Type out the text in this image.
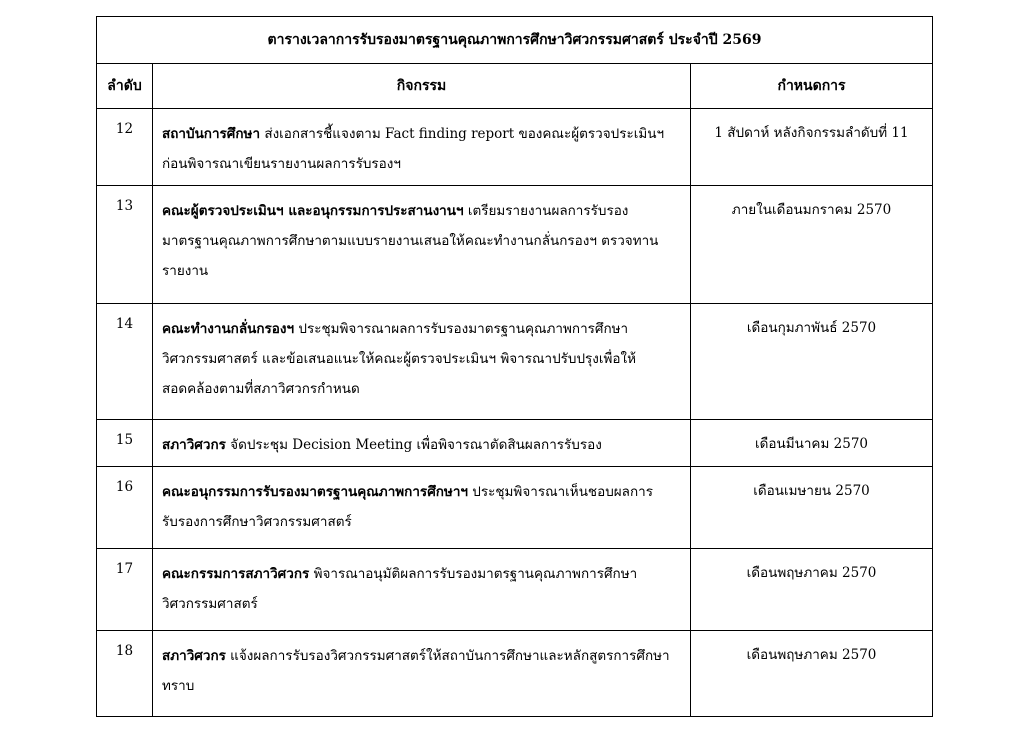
ตารางเวลาการรับรองมาตรฐานคุณภาพการศึกษาวิศวกรรมศาสตร์ ประจำปี 2569		
ลำดับ	กิจกรรม	กำหนดการ
12	สถาบันการศึกษา ส่งเอกสารชี้แจงตาม Fact finding report ของคณะผู้ตรวจประเมินฯ ก่อนพิจารณาเขียนรายงานผลการรับรองฯ	1 สัปดาห์ หลังกิจกรรมลำดับที่ 11
13	คณะผู้ตรวจประเมินฯ และอนุกรรมการประสานงานฯ เตรียมรายงานผลการรับรองมาตรฐานคุณภาพการศึกษาตามแบบรายงานเสนอให้คณะทำงานกลั่นกรองฯ ตรวจทานรายงาน	ภายในเดือนมกราคม 2570
14	คณะทำงานกลั่นกรองฯ ประชุมพิจารณาผลการรับรองมาตรฐานคุณภาพการศึกษาวิศวกรรมศาสตร์ และข้อเสนอแนะให้คณะผู้ตรวจประเมินฯ พิจารณาปรับปรุงเพื่อให้สอดคล้องตามที่สภาวิศวกรกำหนด	เดือนกุมภาพันธ์ 2570
15	สภาวิศวกร จัดประชุม Decision Meeting เพื่อพิจารณาตัดสินผลการรับรอง	เดือนมีนาคม 2570
16	คณะอนุกรรมการรับรองมาตรฐานคุณภาพการศึกษาฯ ประชุมพิจารณาเห็นชอบผลการรับรองการศึกษาวิศวกรรมศาสตร์	เดือนเมษายน 2570
17	คณะกรรมการสภาวิศวกร พิจารณาอนุมัติผลการรับรองมาตรฐานคุณภาพการศึกษาวิศวกรรมศาสตร์	เดือนพฤษภาคม 2570
18	สภาวิศวกร แจ้งผลการรับรองวิศวกรรมศาสตร์ให้สถาบันการศึกษาและหลักสูตรการศึกษาทราบ	เดือนพฤษภาคม 2570
